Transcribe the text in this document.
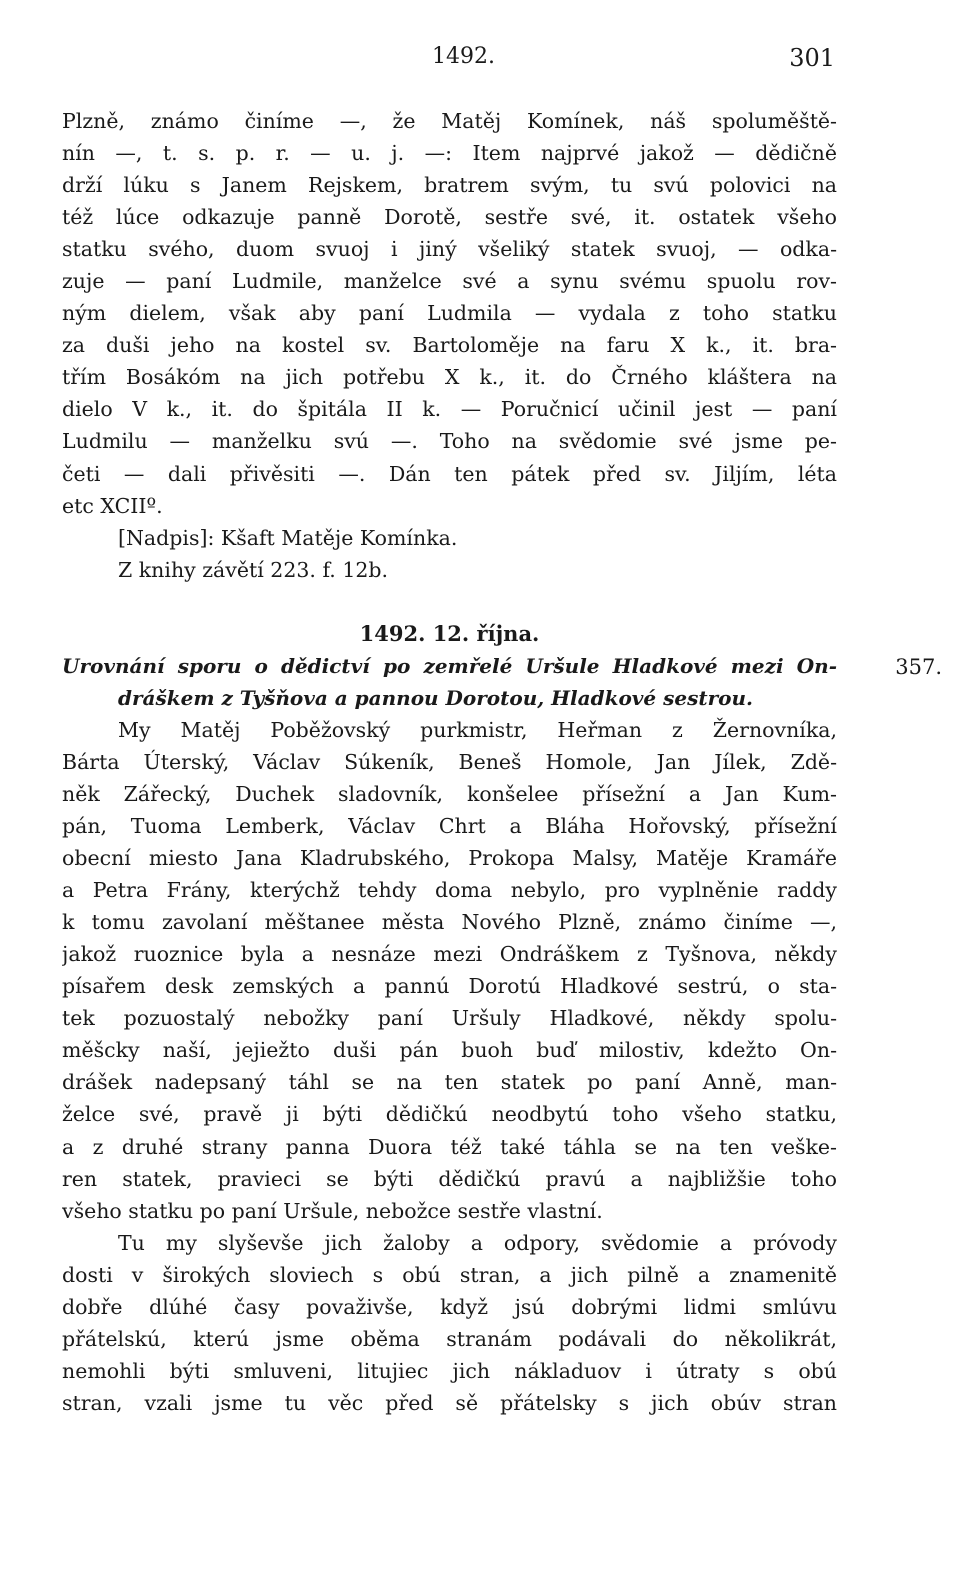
1492.	301
Plzně, známo činíme —, že Matěj Komínek, náš spoluměště-
nín —, t. s. p. r. — u. j. —: Item najprvé jakož — dědičně
drží lúku s Janem Rejskem, bratrem svým, tu svú polovici na
též lúce odkazuje panně Dorotě, sestře své, it. ostatek všeho
statku svého, duom svuoj i jiný všeliký statek svuoj, — odka-
zuje — paní Ludmile, manželce své a synu svému spuolu rov-
ným dielem, však aby paní Ludmila — vydala z toho statku
za duši jeho na kostel sv. Bartoloměje na faru X k., it. bra-
třím Bosákóm na jich potřebu X k., it. do Črného kláštera na
dielo V k., it. do špitála II k. — Poručnicí učinil jest — paní
Ludmilu — manželku svú —. Toho na svědomie své jsme pe-
četi — dali přivěsiti —. Dán ten pátek před sv. Jiljím, léta
etc XCIIº.
[Nadpis]: Kšaft Matěje Komínka.
Z knihy závětí 223. f. 12b.
1492. 12. října.
Urovnání sporu o dědictví po zemřelé Uršule Hladkové mezi On-
dráškem z Tyšňova a pannou Dorotou, Hladkové sestrou.
My Matěj Poběžovský purkmistr, Heřman z Žernovníka,
Bárta Úterský, Václav Súkeník, Beneš Homole, Jan Jílek, Zdě-
něk Zářecký, Duchek sladovník, konšelee přísežní a Jan Kum-
pán, Tuoma Lemberk, Václav Chrt a Bláha Hořovský, přísežní
obecní miesto Jana Kladrubského, Prokopa Malsy, Matěje Kramáře
a Petra Frány, kterýchž tehdy doma nebylo, pro vyplněnie raddy
k tomu zavolaní měštanee města Nového Plzně, známo činíme —,
jakož ruoznice byla a nesnáze mezi Ondráškem z Tyšnova, někdy
písařem desk zemských a pannú Dorotú Hladkové sestrú, o sta-
tek pozuostalý nebožky paní Uršuly Hladkové, někdy spolu-
měšcky naší, jejiežto duši pán buoh buď milostiv, kdežto On-
drášek nadepsaný táhl se na ten statek po paní Anně, man-
želce své, pravě ji býti dědičkú neodbytú toho všeho statku,
a z druhé strany panna Duora též také táhla se na ten veške-
ren statek, pravieci se býti dědičkú pravú a najbližšie toho
všeho statku po paní Uršule, nebožce sestře vlastní.
Tu my slyševše jich žaloby a odpory, svědomie a próvody
dosti v širokých sloviech s obú stran, a jich pilně a znamenitě
dobře dlúhé časy považivše, když jsú dobrými lidmi smlúvu
přátelskú, kterú jsme oběma stranám podávali do několikrát,
nemohli býti smluveni, litujiec jich nákladuov i útraty s obú
stran, vzali jsme tu věc před sě přátelsky s jich obúv stran
357.
